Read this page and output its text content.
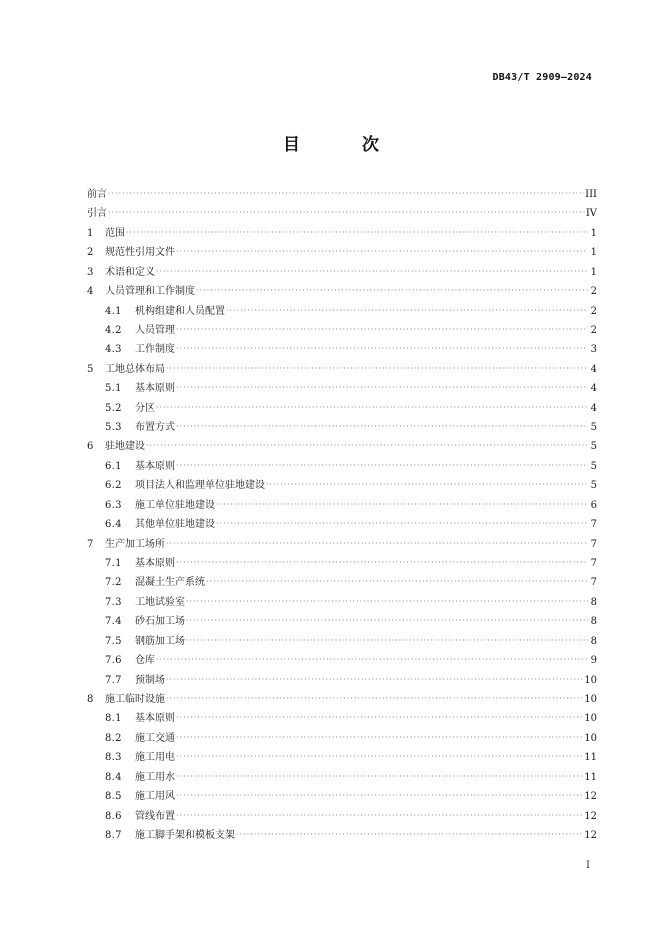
DB43/T 2909—2024
目 次
前言 ·····	III
引言 ·····	IV
1	范围 ·····	1
2	规范性引用文件 ·····	1
3	术语和定义 ·····	1
4	人员管理和工作制度 ·····	2
4.1	机构组建和人员配置 ·····	2
4.2	人员管理 ·····	2
4.3	工作制度 ·····	3
5	工地总体布局 ·····	4
5.1	基本原则 ·····	4
5.2	分区 ·····	4
5.3	布置方式 ·····	5
6	驻地建设 ·····	5
6.1	基本原则 ·····	5
6.2	项目法人和监理单位驻地建设 ·····	5
6.3	施工单位驻地建设 ·····	6
6.4	其他单位驻地建设 ·····	7
7	生产加工场所 ·····	7
7.1	基本原则 ·····	7
7.2	混凝土生产系统 ·····	7
7.3	工地试验室 ·····	8
7.4	砂石加工场 ·····	8
7.5	钢筋加工场 ·····	8
7.6	仓库 ·····	9
7.7	预制场 ·····	10
8	施工临时设施 ·····	10
8.1	基本原则 ·····	10
8.2	施工交通 ·····	10
8.3	施工用电 ·····	11
8.4	施工用水 ·····	11
8.5	施工用风 ·····	12
8.6	管线布置 ·····	12
8.7	施工脚手架和模板支架 ·····	12
I
